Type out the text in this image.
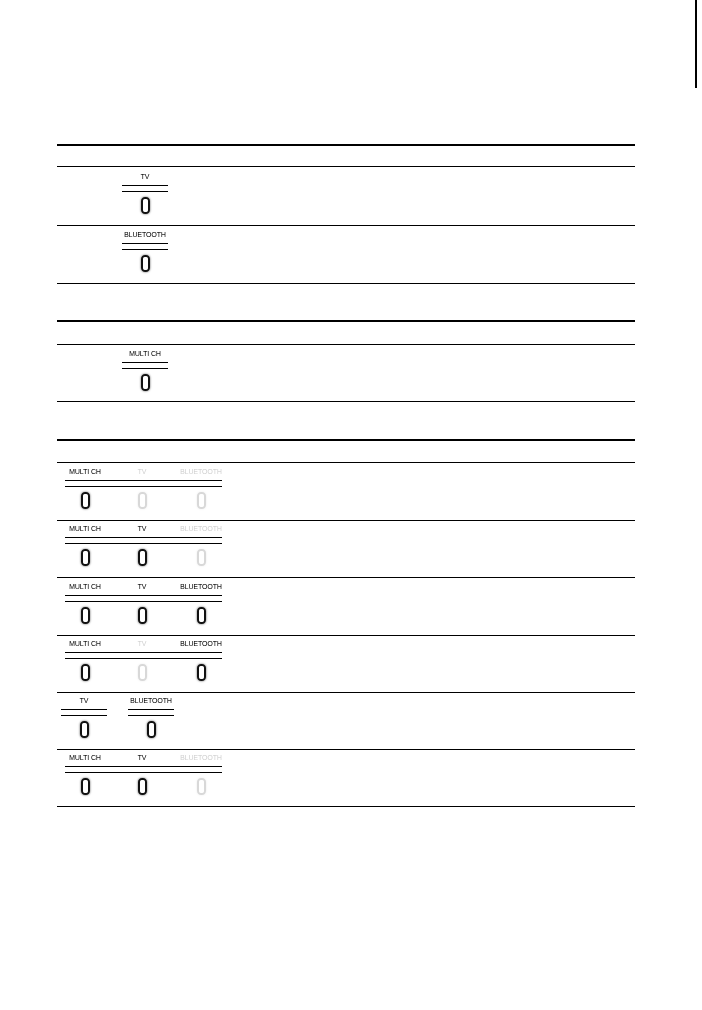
TV
BLUETOOTH
MULTI CH
MULTI CH	TV	BLUETOOTH
MULTI CH	TV	BLUETOOTH
MULTI CH	TV	BLUETOOTH
MULTI CH	TV	BLUETOOTH
TV	BLUETOOTH
MULTI CH	TV	BLUETOOTH
